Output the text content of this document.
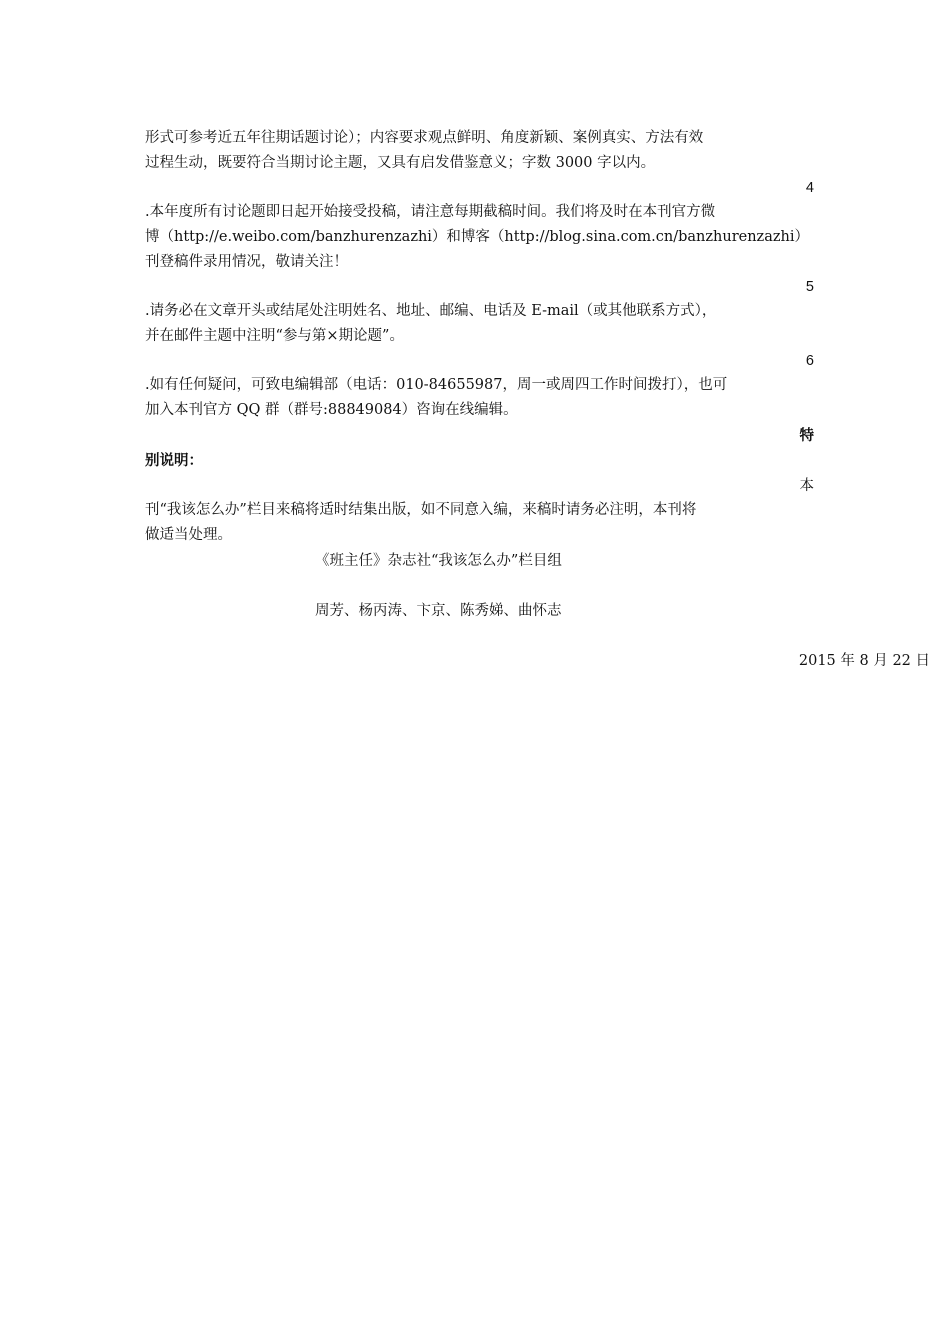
形式可参考近五年往期话题讨论）；内容要求观点鲜明、角度新颖、案例真实、方法有效
过程生动，既要符合当期讨论主题，又具有启发借鉴意义；字数 3000 字以内。
4
.本年度所有讨论题即日起开始接受投稿，请注意每期截稿时间。我们将及时在本刊官方微
博（http://e.weibo.com/banzhurenzazhi）和博客（http://blog.sina.com.cn/banzhurenzazhi）
刊登稿件录用情况，敬请关注！
5
.请务必在文章开头或结尾处注明姓名、地址、邮编、电话及 E-mail（或其他联系方式），
并在邮件主题中注明“参与第×期论题”。
6
.如有任何疑问，可致电编辑部（电话：010-84655987，周一或周四工作时间拨打），也可
加入本刊官方 QQ 群（群号:88849084）咨询在线编辑。
特
别说明：
本
刊“我该怎么办”栏目来稿将适时结集出版，如不同意入编，来稿时请务必注明，本刊将
做适当处理。
《班主任》杂志社“我该怎么办”栏目组
周芳、杨丙涛、卞京、陈秀娣、曲怀志
2015 年 8 月 22 日
